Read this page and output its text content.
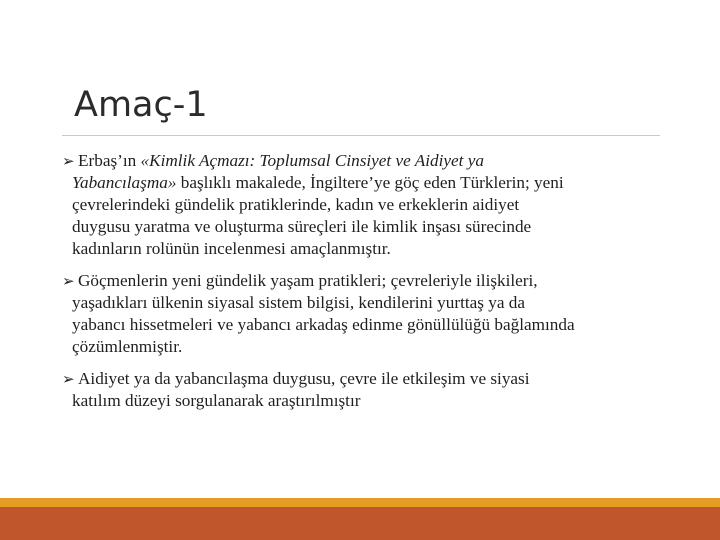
Amaç-1
➢ Erbaş’ın «Kimlik Açmazı: Toplumsal Cinsiyet ve Aidiyet ya
Yabancılaşma» başlıklı makalede, İngiltere’ye göç eden Türklerin; yeni
çevrelerindeki gündelik pratiklerinde, kadın ve erkeklerin aidiyet
duygusu yaratma ve oluşturma süreçleri ile kimlik inşası sürecinde
kadınların rolünün incelenmesi amaçlanmıştır.
➢ Göçmenlerin yeni gündelik yaşam pratikleri; çevreleriyle ilişkileri,
yaşadıkları ülkenin siyasal sistem bilgisi, kendilerini yurttaş ya da
yabancı hissetmeleri ve yabancı arkadaş edinme gönüllülüğü bağlamında
çözümlenmiştir.
➢ Aidiyet ya da yabancılaşma duygusu, çevre ile etkileşim ve siyasi
katılım düzeyi sorgulanarak araştırılmıştır
